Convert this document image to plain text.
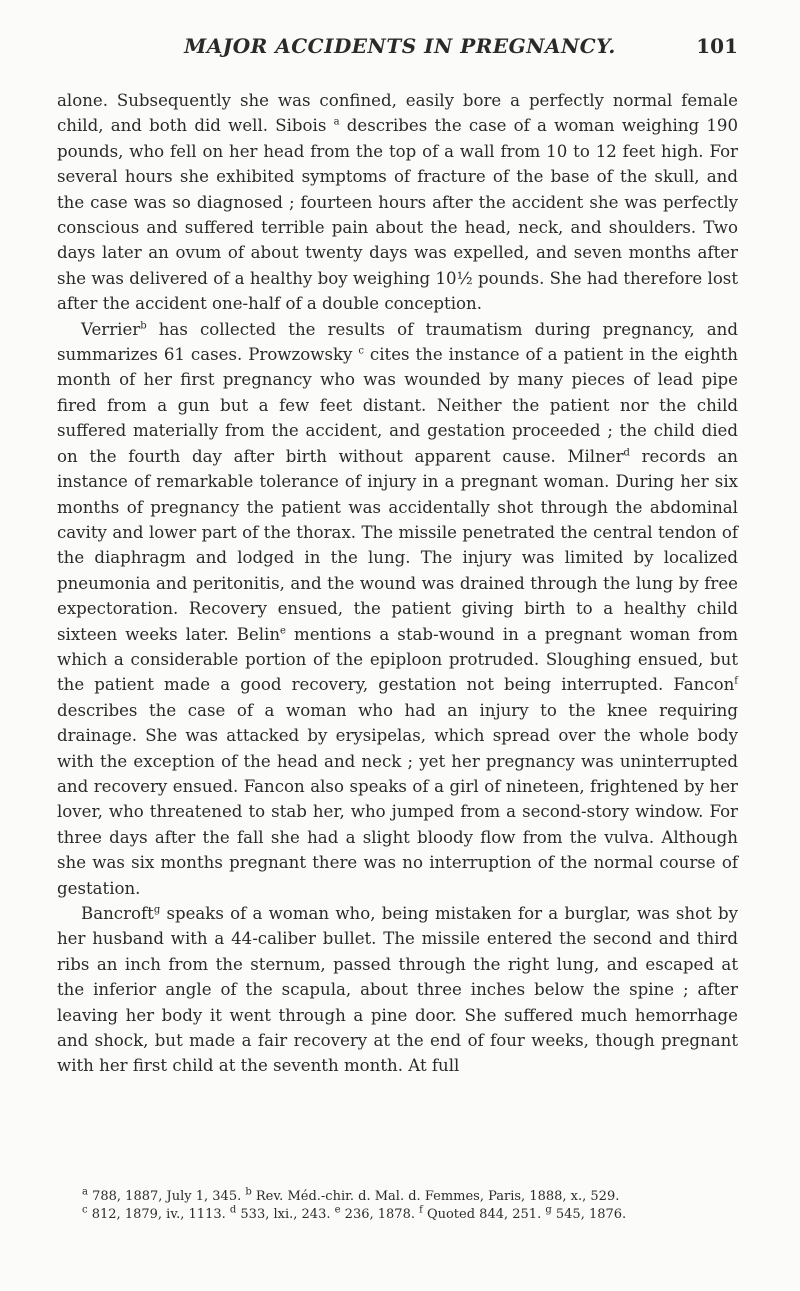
MAJOR ACCIDENTS IN PREGNANCY.	101

alone. Subsequently she was confined, easily bore a perfectly normal female child, and both did well. Sibois $^a$ describes the case of a woman weighing 190 pounds, who fell on her head from the top of a wall from 10 to 12 feet high. For several hours she exhibited symptoms of fracture of the base of the skull, and the case was so diagnosed ; fourteen hours after the accident she was perfectly conscious and suffered terrible pain about the head, neck, and shoulders. Two days later an ovum of about twenty days was expelled, and seven months after she was delivered of a healthy boy weighing 10½ pounds. She had therefore lost after the accident one-half of a double conception.

Verrier$^b$ has collected the results of traumatism during pregnancy, and summarizes 61 cases. Prowzowsky $^c$ cites the instance of a patient in the eighth month of her first pregnancy who was wounded by many pieces of lead pipe fired from a gun but a few feet distant. Neither the patient nor the child suffered materially from the accident, and gestation proceeded ; the child died on the fourth day after birth without apparent cause. Milner$^d$ records an instance of remarkable tolerance of injury in a pregnant woman. During her six months of pregnancy the patient was accidentally shot through the abdominal cavity and lower part of the thorax. The missile penetrated the central tendon of the diaphragm and lodged in the lung. The injury was limited by localized pneumonia and peritonitis, and the wound was drained through the lung by free expectoration. Recovery ensued, the patient giving birth to a healthy child sixteen weeks later. Belin$^e$ mentions a stab-wound in a pregnant woman from which a considerable portion of the epiploon protruded. Sloughing ensued, but the patient made a good recovery, gestation not being interrupted. Fancon$^f$ describes the case of a woman who had an injury to the knee requiring drainage. She was attacked by erysipelas, which spread over the whole body with the exception of the head and neck ; yet her pregnancy was uninterrupted and recovery ensued. Fancon also speaks of a girl of nineteen, frightened by her lover, who threatened to stab her, who jumped from a second-story window. For three days after the fall she had a slight bloody flow from the vulva. Although she was six months pregnant there was no interruption of the normal course of gestation.

Bancroft$^g$ speaks of a woman who, being mistaken for a burglar, was shot by her husband with a 44-caliber bullet. The missile entered the second and third ribs an inch from the sternum, passed through the right lung, and escaped at the inferior angle of the scapula, about three inches below the spine ; after leaving her body it went through a pine door. She suffered much hemorrhage and shock, but made a fair recovery at the end of four weeks, though pregnant with her first child at the seventh month. At full

$^a$ 788, 1887, July 1, 345. $^b$ Rev. Méd.-chir. d. Mal. d. Femmes, Paris, 1888, x., 529.
$^c$ 812, 1879, iv., 1113. $^d$ 533, lxi., 243. $^e$ 236, 1878. $^f$ Quoted 844, 251. $^g$ 545, 1876.
